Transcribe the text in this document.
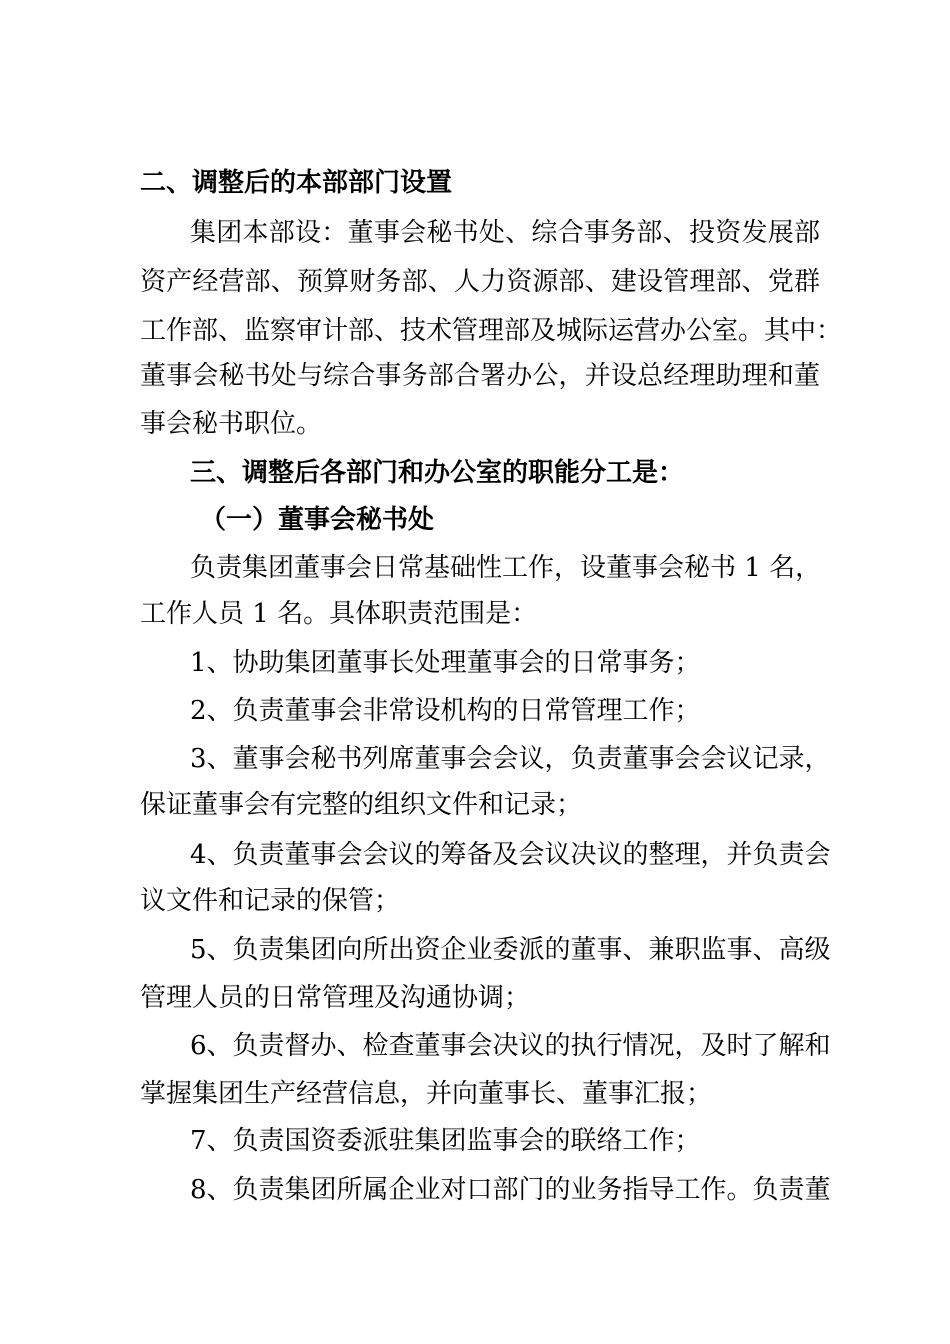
二、调整后的本部部门设置
集团本部设：董事会秘书处、综合事务部、投资发展部
资产经营部、预算财务部、人力资源部、建设管理部、党群
工作部、监察审计部、技术管理部及城际运营办公室。其中：
董事会秘书处与综合事务部合署办公，并设总经理助理和董
事会秘书职位。
三、调整后各部门和办公室的职能分工是：
（一）董事会秘书处
负责集团董事会日常基础性工作，设董事会秘书 1 名，
工作人员 1 名。具体职责范围是：
1、协助集团董事长处理董事会的日常事务；
2、负责董事会非常设机构的日常管理工作；
3、董事会秘书列席董事会会议，负责董事会会议记录，
保证董事会有完整的组织文件和记录；
4、负责董事会会议的筹备及会议决议的整理，并负责会
议文件和记录的保管；
5、负责集团向所出资企业委派的董事、兼职监事、高级
管理人员的日常管理及沟通协调；
6、负责督办、检查董事会决议的执行情况，及时了解和
掌握集团生产经营信息，并向董事长、董事汇报；
7、负责国资委派驻集团监事会的联络工作；
8、负责集团所属企业对口部门的业务指导工作。负责董
